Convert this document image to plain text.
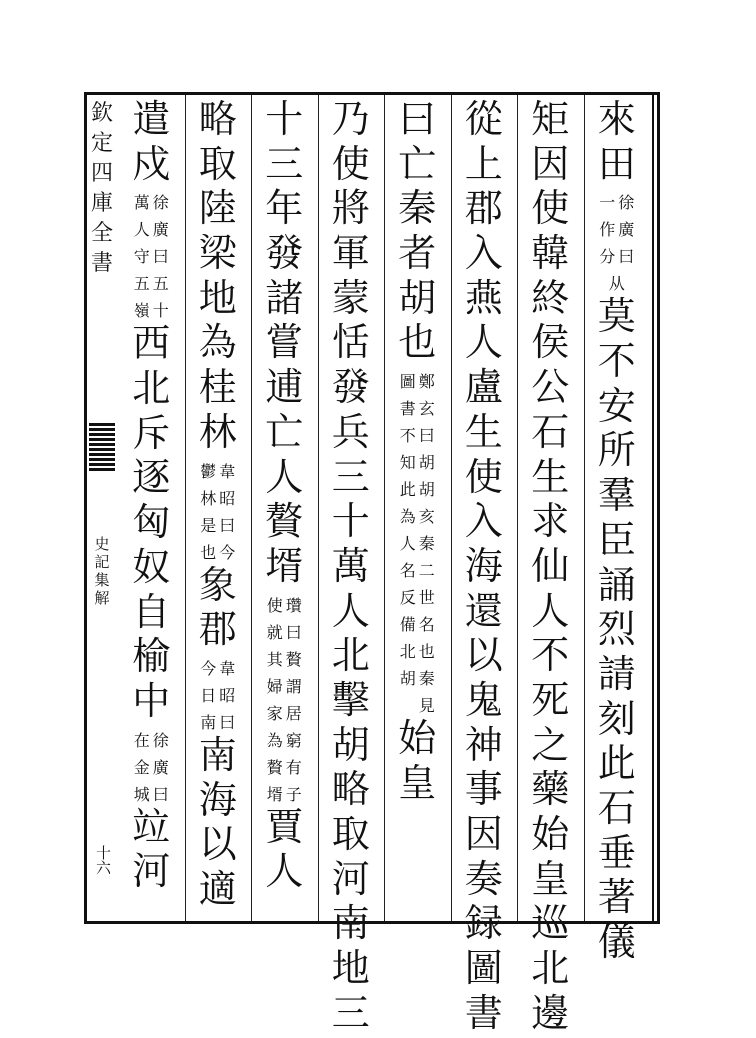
欽
定
四
庫
全
書
史
記
集
解
十六
來
田
一
作
分
徐
廣
曰
从
莫
不
安
所
羣
臣
誦
烈
請
刻
此
石
垂
著
儀
矩
因
使
韓
終
侯
公
石
生
求
仙
人
不
死
之
藥
始
皇
巡
北
邊
從
上
郡
入
燕
人
盧
生
使
入
海
還
以
鬼
神
事
因
奏
録
圖
書
曰
亡
秦
者
胡
也
圖
書
不
知
此
為
人
名
反
備
北
胡
鄭
玄
曰
胡
胡
亥
秦
二
世
名
也
秦
見
始
皇
乃
使
將
軍
蒙
恬
發
兵
三
十
萬
人
北
擊
胡
略
取
河
南
地
三
十
三
年
發
諸
嘗
逋
亡
人
贅
壻
使
就
其
婦
家
為
贅
壻
瓚
曰
贅
謂
居
窮
有
子
賈
人
略
取
陸
梁
地
為
桂
林
鬱
林
是
也
韋
昭
曰
今
象
郡
今
日
南
韋
昭
曰
南
海
以
適
遣
戍
萬
人
守
五
嶺
徐
廣
曰
五
十
西
北
斥
逐
匈
奴
自
榆
中
在
金
城
徐
廣
曰
竝
河
